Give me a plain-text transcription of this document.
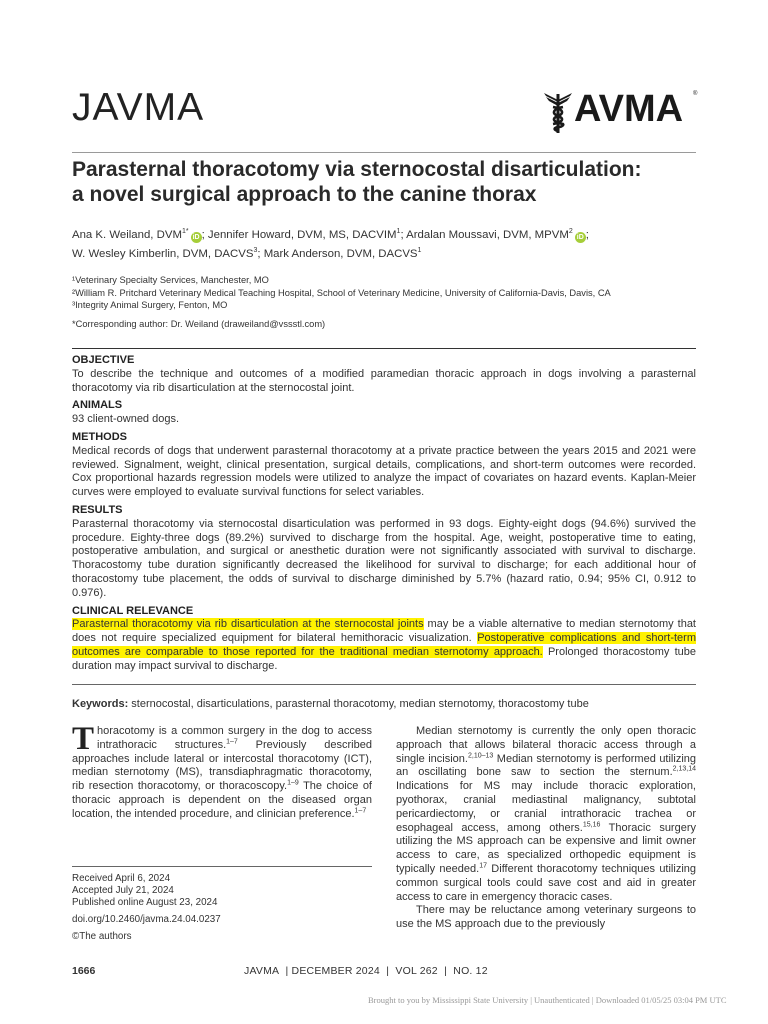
JAVMA	AVMA ®
Parasternal thoracotomy via sternocostal disarticulation:
a novel surgical approach to the canine thorax
Ana K. Weiland, $DVM^{1*}iD$ ; Jennifer Howard, DVM, MS, DACVIM$^1$; Ardalan Moussavi, DVM, MPVM$^2$iD ;
W. Wesley Kimberlin, DVM, DACVS$^3$; Mark Anderson, DVM, DACVS$^1$
¹Veterinary Specialty Services, Manchester, MO
²William R. Pritchard Veterinary Medical Teaching Hospital, School of Veterinary Medicine, University of California-Davis, Davis, CA
³Integrity Animal Surgery, Fenton, MO
*Corresponding author: Dr. Weiland (draweiland@vssstl.com)

OBJECTIVE

To describe the technique and outcomes of a modified paramedian thoracic approach in dogs involving a parasternal thoracotomy via rib disarticulation at the sternocostal joint.

ANIMALS

93 client-owned dogs.

METHODS

Medical records of dogs that underwent parasternal thoracotomy at a private practice between the years 2015 and 2021 were reviewed. Signalment, weight, clinical presentation, surgical details, complications, and short-term outcomes were recorded. Cox proportional hazards regression models were utilized to analyze the impact of covariates on hazard events. Kaplan-Meier curves were employed to evaluate survival functions for select variables.

RESULTS

Parasternal thoracotomy via sternocostal disarticulation was performed in 93 dogs. Eighty-eight dogs (94.6%) survived the procedure. Eighty-three dogs (89.2%) survived to discharge from the hospital. Age, weight, postoperative time to eating, postoperative ambulation, and surgical or anesthetic duration were not significantly associated with survival to discharge. Thoracostomy tube duration significantly decreased the likelihood for survival to discharge; for each additional hour of thoracostomy tube placement, the odds of survival to discharge diminished by 5.7% (hazard ratio, 0.94; 95% CI, 0.912 to 0.976).

CLINICAL RELEVANCE

Parasternal thoracotomy via rib disarticulation at the sternocostal joints may be a viable alternative to median sternotomy that does not require specialized equipment for bilateral hemithoracic visualization. Postoperative complications and short-term outcomes are comparable to those reported for the traditional median sternotomy approach. Prolonged thoracostomy tube duration may impact survival to discharge.

Keywords: sternocostal, disarticulations, parasternal thoracotomy, median sternotomy, thoracostomy tube

Thoracotomy is a common surgery in the dog to access intrathoracic structures.$^{1-7}$ Previously described approaches include lateral or intercostal thoracotomy (ICT), median sternotomy (MS), transdiaphragmatic thoracotomy, rib resection thoracotomy, or thoracoscopy.$^{1-9}$ The choice of thoracic approach is dependent on the diseased organ location, the intended procedure, and clinician preference.$^{1-7}$

Received April 6, 2024
Accepted July 21, 2024
Published online August 23, 2024
doi.org/10.2460/javma.24.04.0237
©The authors

Median sternotomy is currently the only open thoracic approach that allows bilateral thoracic access through a single incision.$^{2,10-13}$ Median sternotomy is performed utilizing an oscillating bone saw to section the sternum.$^{2,13,14}$ Indications for MS may include thoracic exploration, pyothorax, cranial mediastinal malignancy, subtotal pericardiectomy, or cranial intrathoracic trachea or esophageal access, among others.$^{15,16}$ Thoracic surgery utilizing the MS approach can be expensive and limit owner access to care, as specialized orthopedic equipment is typically needed.$^{17}$ Different thoracotomy techniques utilizing common surgical tools could save cost and aid in greater access to care in emergency thoracic cases.

There may be reluctance among veterinary surgeons to use the MS approach due to the previously

1666	JAVMA | DECEMBER 2024 | VOL 262 | NO. 12
Brought to you by Mississippi State University | Unauthenticated | Downloaded 01/05/25 03:04 PM UTC
